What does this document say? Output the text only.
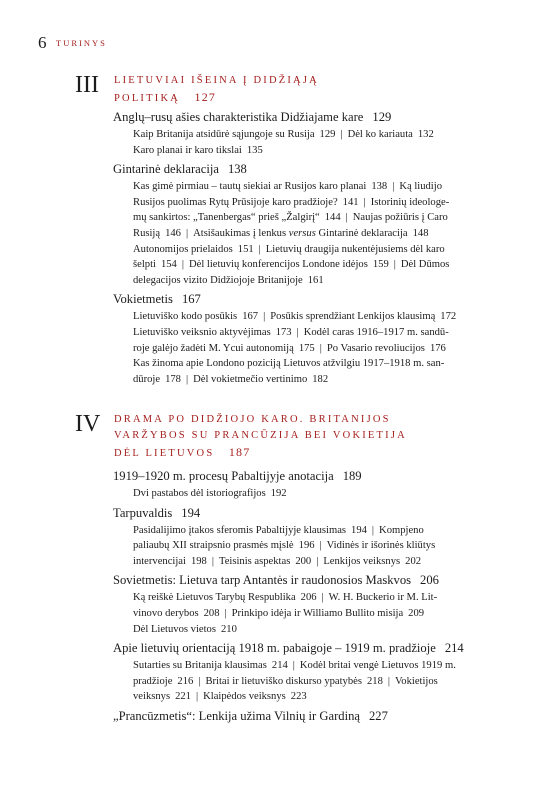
6 TURINYS
III LIETUVIAI IŠEINA Į DIDŽIĄJĄ
POLITIKĄ 127
Anglų–rusų ašies charakteristika Didžiajame kare 129
Kaip Britanija atsidūrė sąjungoje su Rusija 129 | Dėl ko kariauta 132
Karo planai ir karo tikslai 135
Gintarinė deklaracija 138
Kas gimė pirmiau – tautų siekiai ar Rusijos karo planai 138 | Ką liudijo
Rusijos puolimas Rytų Prūsijoje karo pradžioje? 141 | Istorinių ideologe-
mų sankirtos: „Tanenbergas“ prieš „Žalgirį“ 144 | Naujas požiūris į Caro
Rusiją 146 | Atsišaukimas į lenkus versus Gintarinė deklaracija 148
Autonomijos prielaidos 151 | Lietuvių draugija nukentėjusiems dėl karo
šelpti 154 | Dėl lietuvių konferencijos Londone idėjos 159 | Dėl Dūmos
delegacijos vizito Didžiojoje Britanijoje 161
Vokietmetis 167
Lietuviško kodo posūkis 167 | Posūkis sprendžiant Lenkijos klausimą 172
Lietuviško veiksnio aktyvėjimas 173 | Kodėl caras 1916–1917 m. sandū-
roje galėjo žadėti M. Ycui autonomiją 175 | Po Vasario revoliucijos 176
Kas žinoma apie Londono poziciją Lietuvos atžvilgiu 1917–1918 m. san-
dūroje 178 | Dėl vokietmečio vertinimo 182
IV DRAMA PO DIDŽIOJO KARO. BRITANIJOS
VARŽYBOS SU PRANCŪZIJA BEI VOKIETIJA
DĖL LIETUVOS 187
1919–1920 m. procesų Pabaltijyje anotacija 189
Dvi pastabos dėl istoriografijos 192
Tarpuvaldis 194
Pasidalijimo įtakos sferomis Pabaltijyje klausimas 194 | Kompjeno
paliaubų XII straipsnio prasmės mįslė 196 | Vidinės ir išorinės kliūtys
intervencijai 198 | Teisinis aspektas 200 | Lenkijos veiksnys 202
Sovietmetis: Lietuva tarp Antantės ir raudonosios Maskvos 206
Ką reiškė Lietuvos Tarybų Respublika 206 | W. H. Buckerio ir M. Lit-
vinovo derybos 208 | Prinkipo idėja ir Williamo Bullito misija 209
Dėl Lietuvos vietos 210
Apie lietuvių orientaciją 1918 m. pabaigoje – 1919 m. pradžioje 214
Sutarties su Britanija klausimas 214 | Kodėl britai vengė Lietuvos 1919 m.
pradžioje 216 | Britai ir lietuviško diskurso ypatybės 218 | Vokietijos
veiksnys 221 | Klaipėdos veiksnys 223
„Prancūzmetis“: Lenkija užima Vilnių ir Gardiną 227
